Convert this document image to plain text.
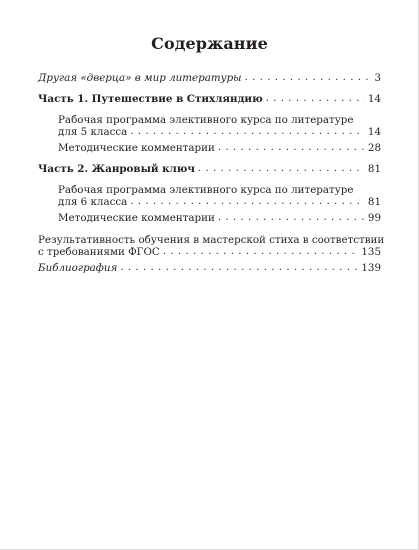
Содержание
Другая «дверца» в мир литературы . . .	3
Часть 1. Путешествие в Стихляндию . . .	14
Рабочая программа элективного курса по литературе
для 5 класса . . .	14
Методические комментарии . . .	28
Часть 2. Жанровый ключ . . .	81
Рабочая программа элективного курса по литературе
для 6 класса . . .	81
Методические комментарии . . .	99
Результативность обучения в мастерской стиха в соответствии
с требованиями ФГОС . . .	135
Библиография . . .	139
